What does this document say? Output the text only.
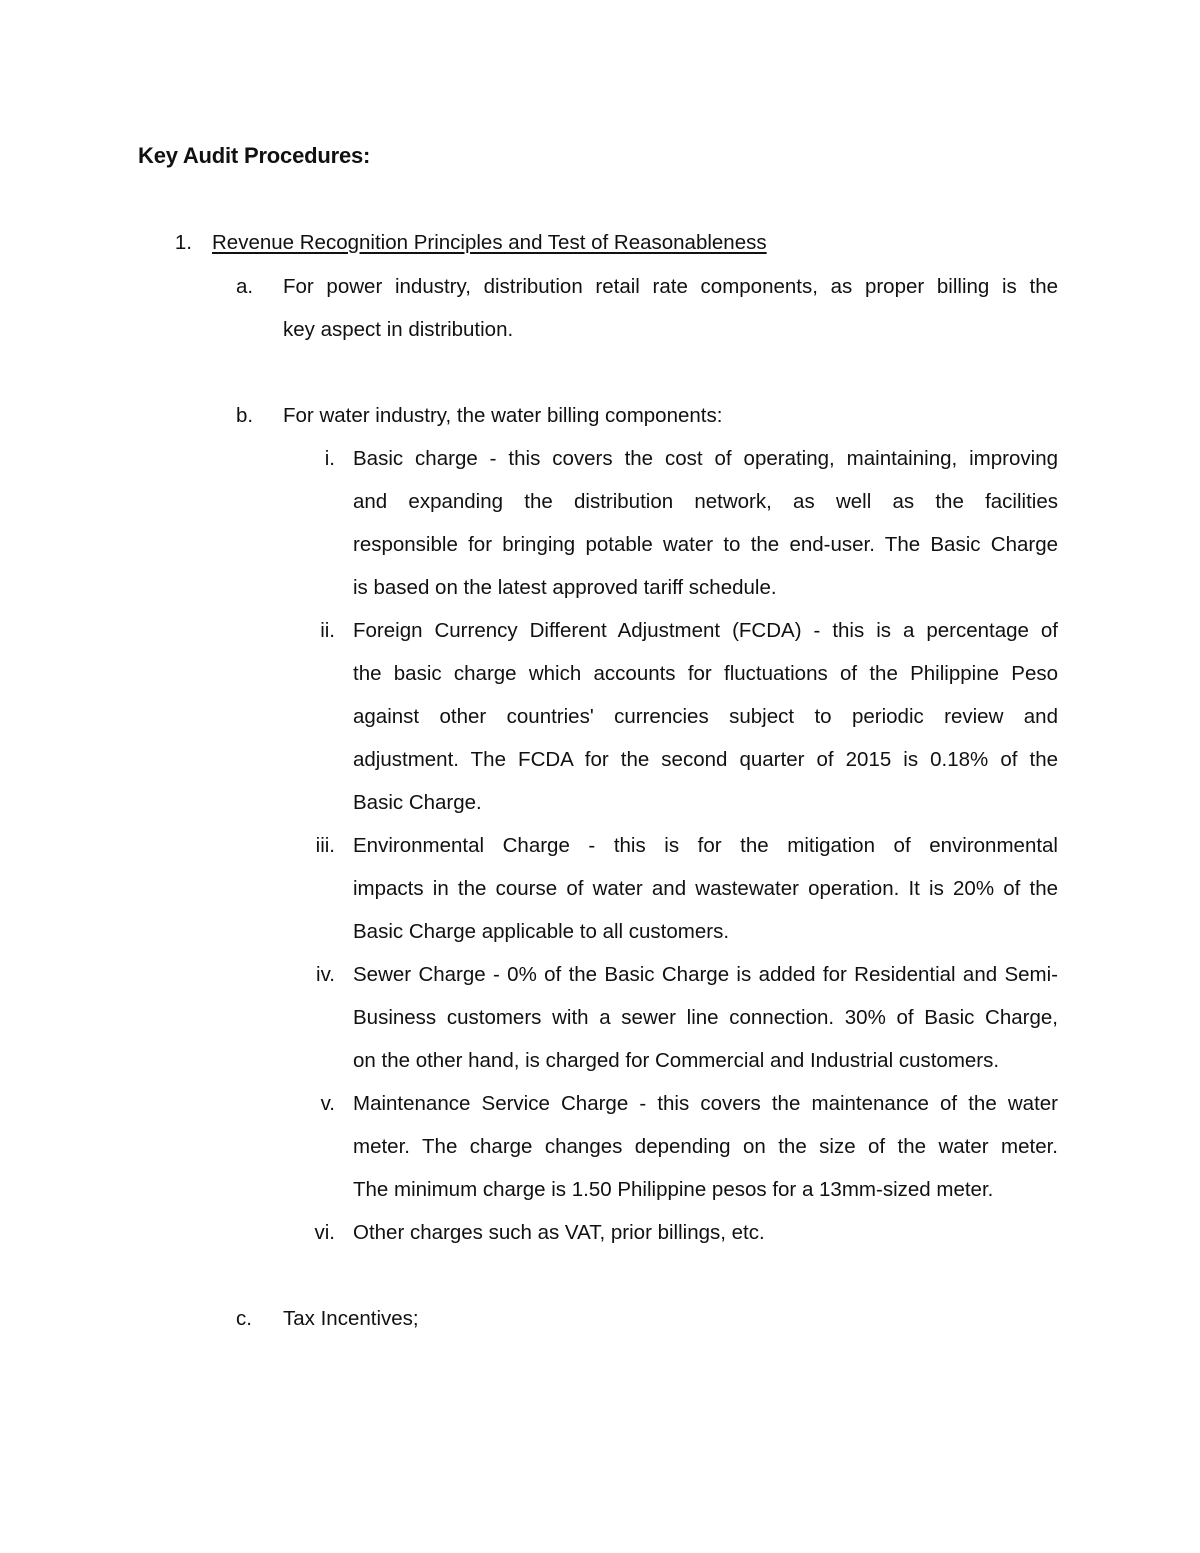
Key Audit Procedures:
1. Revenue Recognition Principles and Test of Reasonableness
a.	For power industry, distribution retail rate components, as proper billing is the
key aspect in distribution.
b.	For water industry, the water billing components:
i. Basic charge - this covers the cost of operating, maintaining, improving
and expanding the distribution network, as well as the facilities
responsible for bringing potable water to the end-user. The Basic Charge
is based on the latest approved tariff schedule.
ii. Foreign Currency Different Adjustment (FCDA) - this is a percentage of
the basic charge which accounts for fluctuations of the Philippine Peso
against other countries' currencies subject to periodic review and
adjustment. The FCDA for the second quarter of 2015 is 0.18% of the
Basic Charge.
iii. Environmental Charge - this is for the mitigation of environmental
impacts in the course of water and wastewater operation. It is 20% of the
Basic Charge applicable to all customers.
iv. Sewer Charge - 0% of the Basic Charge is added for Residential and Semi-
Business customers with a sewer line connection. 30% of Basic Charge,
on the other hand, is charged for Commercial and Industrial customers.
v. Maintenance Service Charge - this covers the maintenance of the water
meter. The charge changes depending on the size of the water meter.
The minimum charge is 1.50 Philippine pesos for a 13mm-sized meter.
vi. Other charges such as VAT, prior billings, etc.
c.	Tax Incentives;
